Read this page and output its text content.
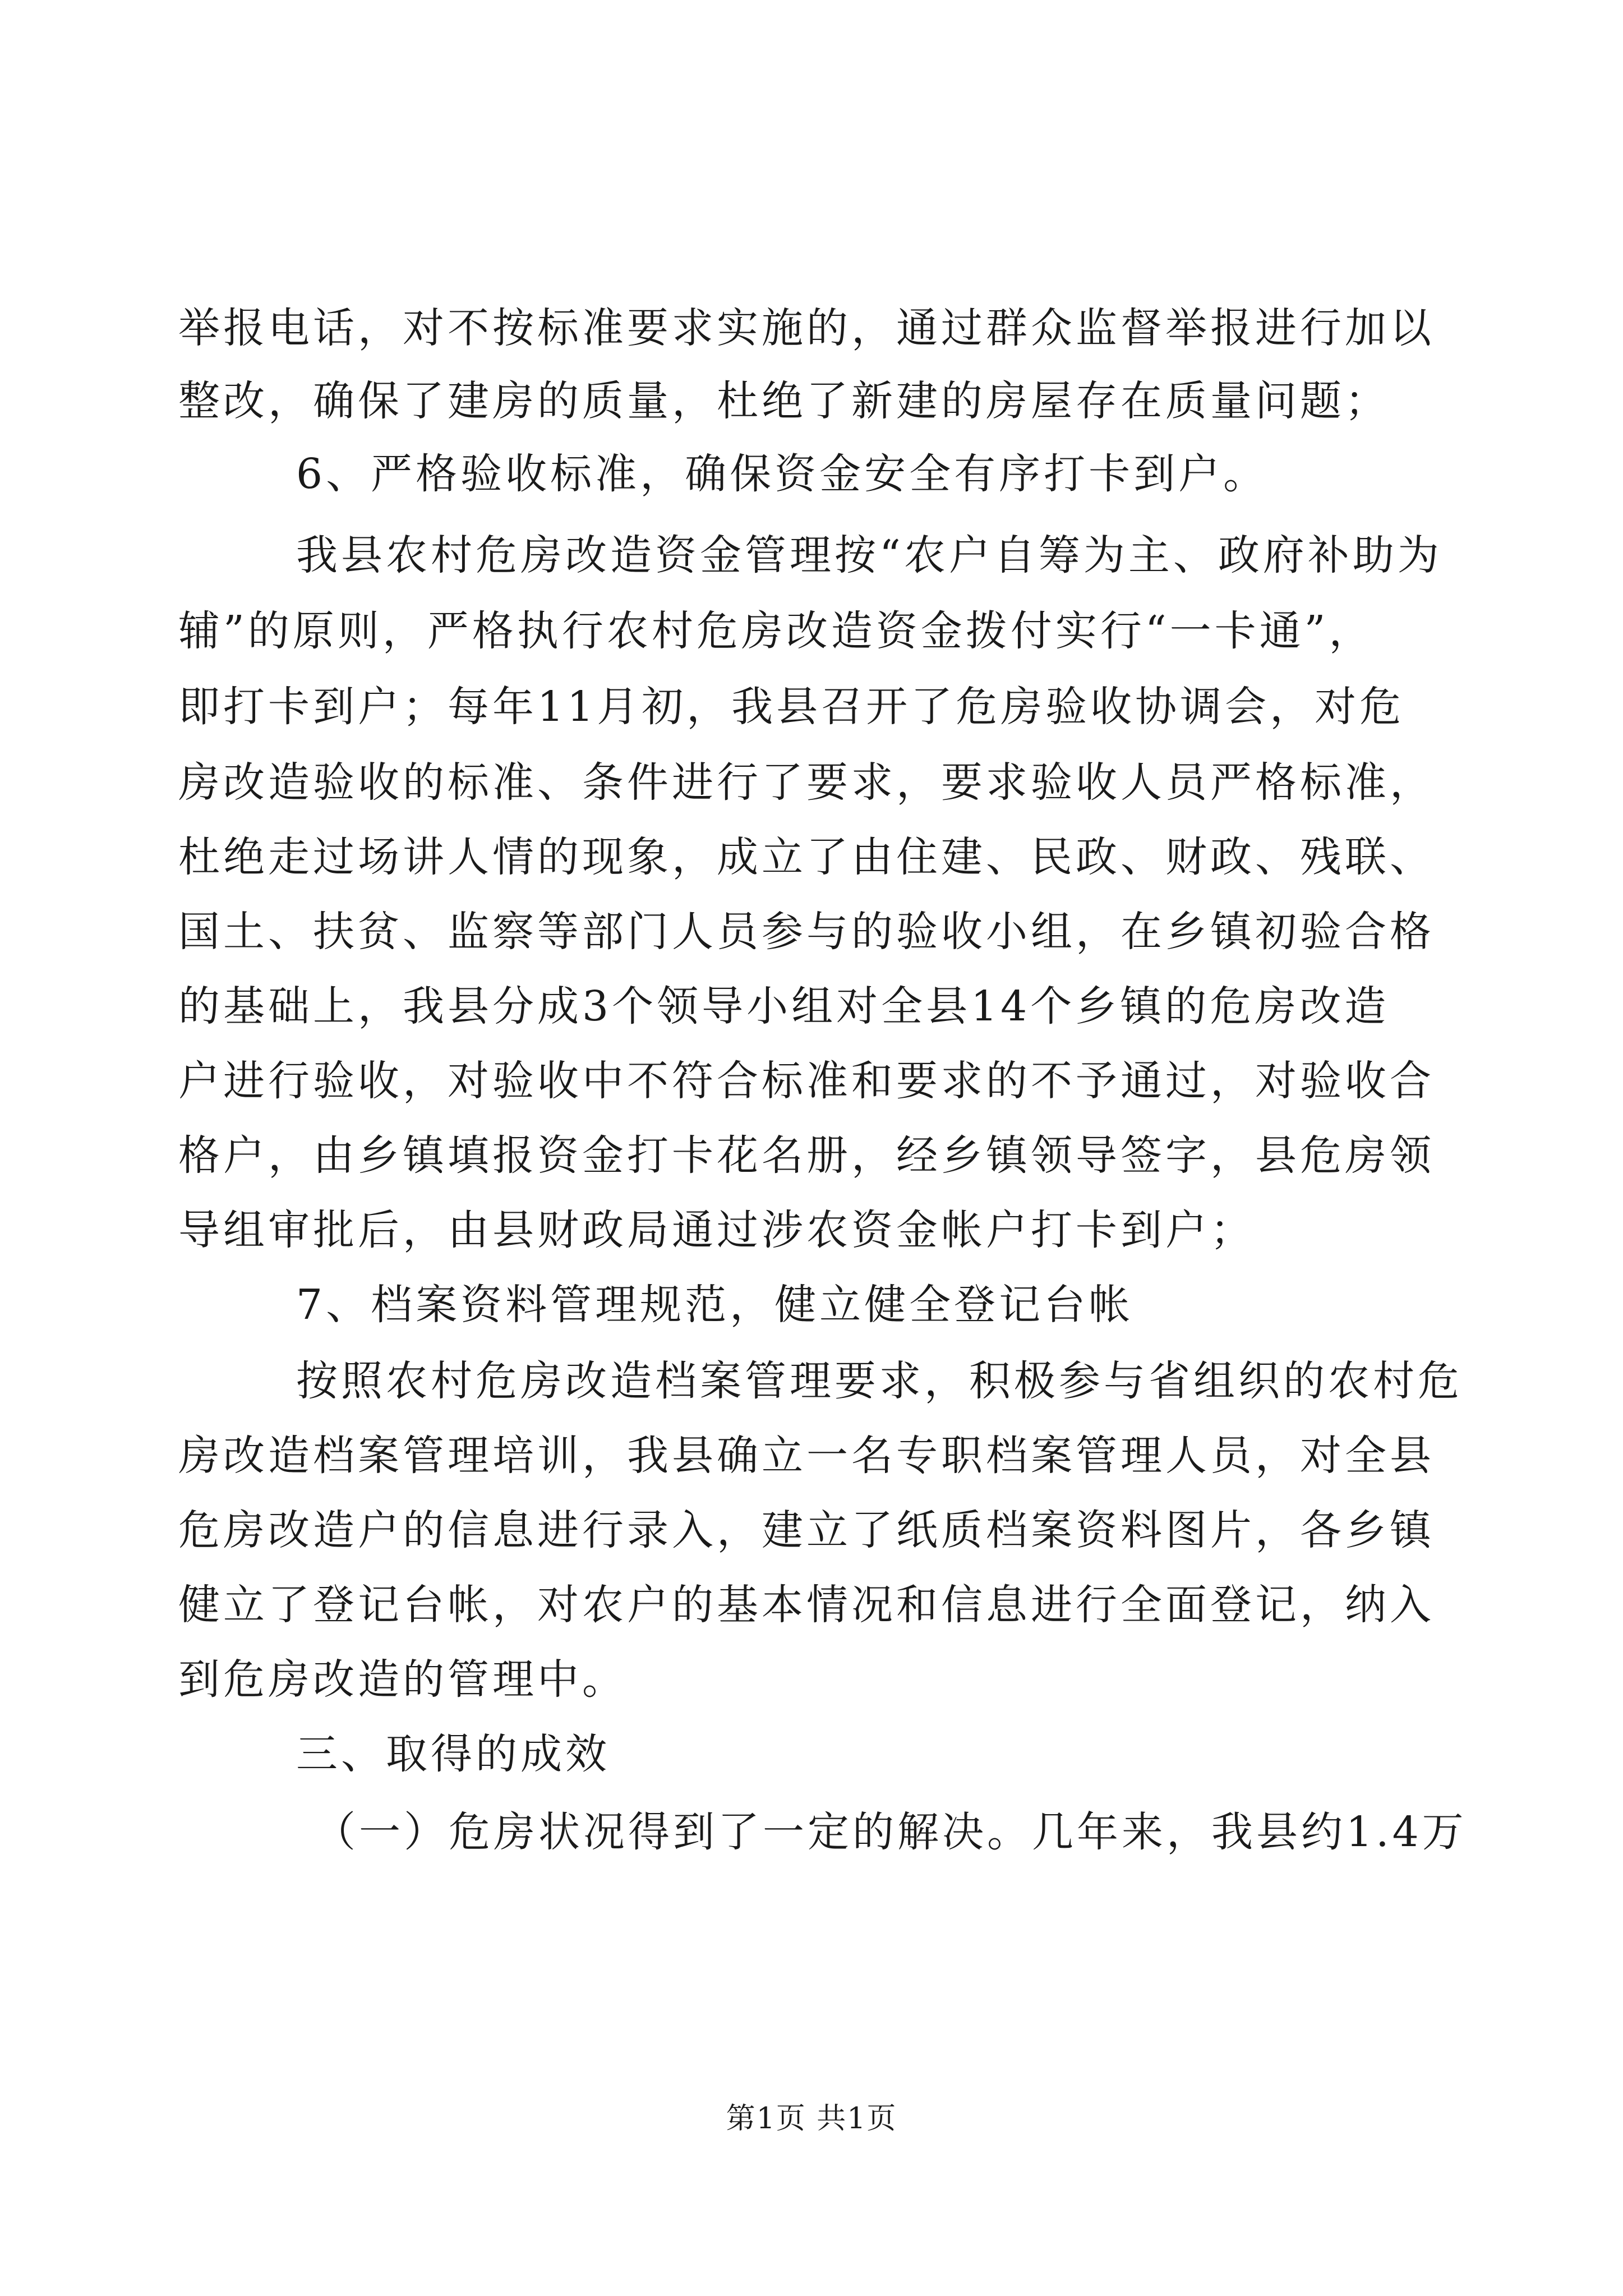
举报电话，对不按标准要求实施的，通过群众监督举报进行加以
整改，确保了建房的质量，杜绝了新建的房屋存在质量问题；
6、严格验收标准，确保资金安全有序打卡到户。
我县农村危房改造资金管理按“农户自筹为主、政府补助为
辅”的原则，严格执行农村危房改造资金拨付实行“一卡通”，
即打卡到户；每年11月初，我县召开了危房验收协调会，对危
房改造验收的标准、条件进行了要求，要求验收人员严格标准，
杜绝走过场讲人情的现象，成立了由住建、民政、财政、残联、
国土、扶贫、监察等部门人员参与的验收小组，在乡镇初验合格
的基础上，我县分成3个领导小组对全县14个乡镇的危房改造
户进行验收，对验收中不符合标准和要求的不予通过，对验收合
格户，由乡镇填报资金打卡花名册，经乡镇领导签字，县危房领
导组审批后，由县财政局通过涉农资金帐户打卡到户；
7、档案资料管理规范，健立健全登记台帐
按照农村危房改造档案管理要求，积极参与省组织的农村危
房改造档案管理培训，我县确立一名专职档案管理人员，对全县
危房改造户的信息进行录入，建立了纸质档案资料图片，各乡镇
健立了登记台帐，对农户的基本情况和信息进行全面登记，纳入
到危房改造的管理中。
三、取得的成效
（一）危房状况得到了一定的解决。几年来，我县约1.4万
第1页 共1页
